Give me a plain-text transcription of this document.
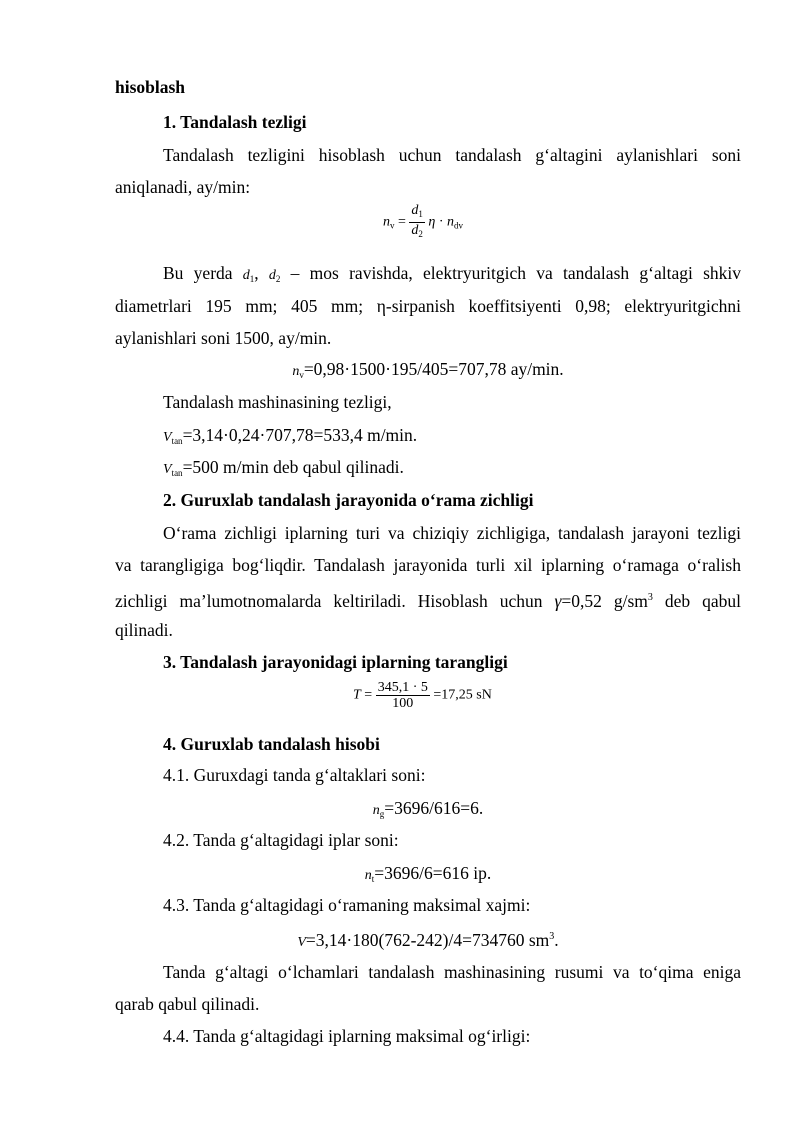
hisoblash
1. Tandalash tezligi
Tandalash tezligini hisoblash uchun tandalash g‘altagini aylanishlari soni
aniqlanadi, ay/min:
$n_v = \frac{d_1}{d_2}$ $\eta \cdot n_{dv}$
Bu yerda $d_1$, $d_2$ – mos ravishda, elektryuritgich va tandalash g‘altagi shkiv
diametrlari 195 mm; 405 mm; η-sirpanish koeffitsiyenti 0,98; elektryuritgichni
aylanishlari soni 1500, ay/min.
$n_v=0,98\cdot 1500\cdot 195/405=707,78$ ay/min.
Tandalash mashinasining tezligi,
$V_{tan}=3,14\cdot 0,24\cdot 707,78=533,4$ m/min.
$V_{tan}=500$ m/min deb qabul qilinadi.
2. Guruxlab tandalash jarayonida o‘rama zichligi
O‘rama zichligi iplarning turi va chiziqiy zichligiga, tandalash jarayoni tezligi
va tarangligiga bog‘liqdir. Tandalash jarayonida turli xil iplarning o‘ramaga o‘ralish
zichligi ma’lumotnomalarda keltiriladi. Hisoblash uchun γ=0,52 $g/sm^3$ deb qabul
qilinadi.
3. Tandalash jarayonidagi iplarning tarangligi
$T = \frac{345,1 \cdot 5}{100} =17,25$ sN
4. Guruxlab tandalash hisobi
4.1. Guruxdagi tanda g‘altaklari soni:
$n_g=3696/616=6$.
4.2. Tanda g‘altagidagi iplar soni:
$n_t=3696/6=616$ ip.
4.3. Tanda g‘altagidagi o‘ramaning maksimal xajmi:
V=3,14·180(762-242)/4=734760 $sm^3$.
Tanda g‘altagi o‘lchamlari tandalash mashinasining rusumi va to‘qima eniga
qarab qabul qilinadi.
4.4. Tanda g‘altagidagi iplarning maksimal og‘irligi:
